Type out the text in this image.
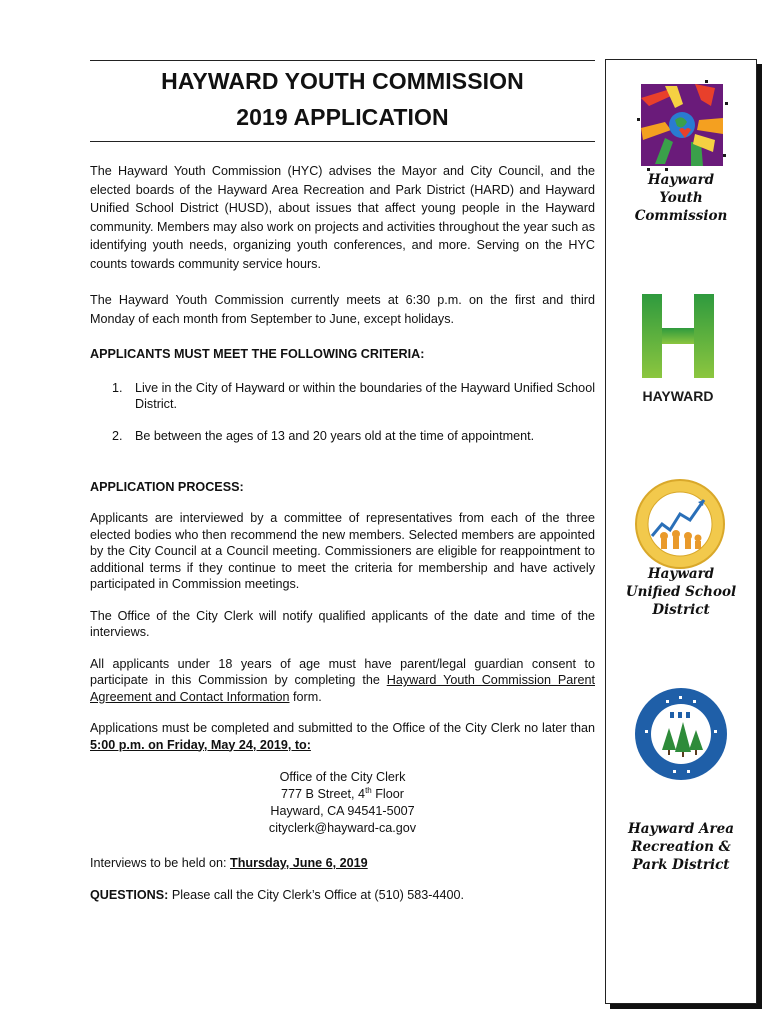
HAYWARD YOUTH COMMISSION
2019 APPLICATION

The Hayward Youth Commission (HYC) advises the Mayor and City Council, and the elected boards of the Hayward Area Recreation and Park District (HARD) and Hayward Unified School District (HUSD), about issues that affect young people in the Hayward community. Members may also work on projects and activities throughout the year such as identifying youth needs, organizing youth conferences, and more. Serving on the HYC counts towards community service hours.

The Hayward Youth Commission currently meets at 6:30 p.m. on the first and third Monday of each month from September to June, except holidays.

APPLICANTS MUST MEET THE FOLLOWING CRITERIA:

1. Live in the City of Hayward or within the boundaries of the Hayward Unified School District.
2. Be between the ages of 13 and 20 years old at the time of appointment.

APPLICATION PROCESS:

Applicants are interviewed by a committee of representatives from each of the three elected bodies who then recommend the new members. Selected members are appointed by the City Council at a Council meeting. Commissioners are eligible for reappointment to additional terms if they continue to meet the criteria for membership and have actively participated in Commission meetings.

The Office of the City Clerk will notify qualified applicants of the date and time of the interviews.

All applicants under 18 years of age must have parent/legal guardian consent to participate in this Commission by completing the Hayward Youth Commission Parent Agreement and Contact Information form.

Applications must be completed and submitted to the Office of the City Clerk no later than 5:00 p.m. on Friday, May 24, 2019, to:

Office of the City Clerk
777 B Street, 4th Floor
Hayward, CA 94541-5007
cityclerk@hayward-ca.gov

Interviews to be held on: Thursday, June 6, 2019

QUESTIONS: Please call the City Clerk’s Office at (510) 583-4400.

Hayward
Youth
Commission
HAYWARD
Hayward
Unified School
District
Hayward Area
Recreation &
Park District
